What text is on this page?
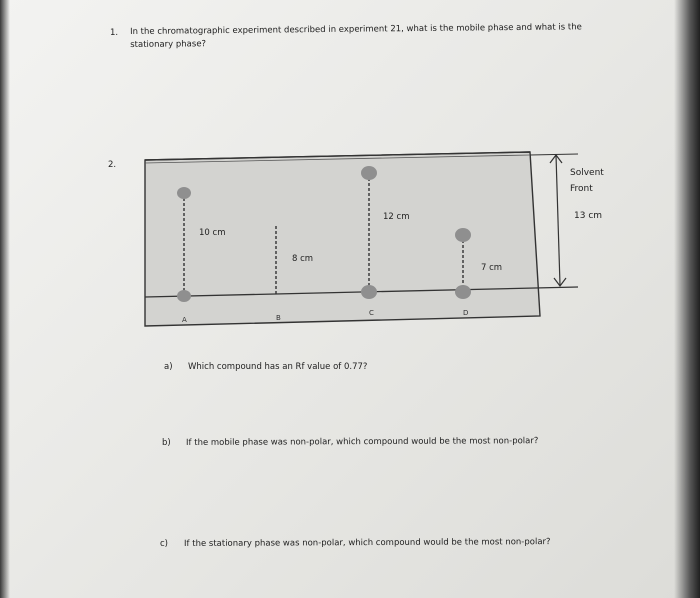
1. In the chromatographic experiment described in experiment 21, what is the mobile phase and what is the
stationary phase?
2.
10 cm
8 cm
12 cm
7 cm
A	B
C	D
Solvent
Front
13 cm
a) Which compound has an Rf value of 0.77?
b) If the mobile phase was non-polar, which compound would be the most non-polar?
c) If the stationary phase was non-polar, which compound would be the most non-polar?
